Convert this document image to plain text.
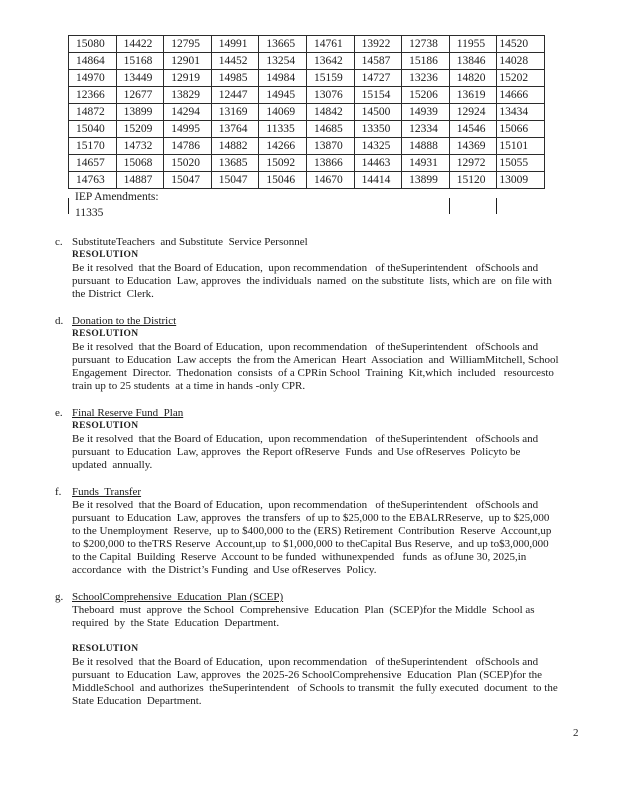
15080	14422	12795	14991	13665	14761	13922	12738	11955	14520
14864	15168	12901	14452	13254	13642	14587	15186	13846	14028
14970	13449	12919	14985	14984	15159	14727	13236	14820	15202
12366	12677	13829	12447	14945	13076	15154	15206	13619	14666
14872	13899	14294	13169	14069	14842	14500	14939	12924	13434
15040	15209	14995	13764	11335	14685	13350	12334	14546	15066
15170	14732	14786	14882	14266	13870	14325	14888	14369	15101
14657	15068	15020	13685	15092	13866	14463	14931	12972	15055
14763	14887	15047	15047	15046	14670	14414	13899	15120	13009
IEP Amendments:
11335
c. SubstituteTeachers  and Substitute  Service Personnel
RESOLUTION
Be it resolved  that the Board of Education,  upon recommendation   of theSuperintendent   ofSchools and
pursuant  to Education  Law, approves  the individuals  named  on the substitute  lists, which are  on file with
the District  Clerk.
d. Donation to the District
RESOLUTION
Be it resolved  that the Board of Education,  upon recommendation   of theSuperintendent   ofSchools and
pursuant  to Education  Law accepts  the from the American  Heart  Association  and  WilliamMitchell, School
Engagement  Director.  Thedonation  consists  of a CPRin School  Training  Kit,which  included   resourcesto
train up to 25 students  at a time in hands -only CPR.
e. Final Reserve Fund  Plan
RESOLUTION
Be it resolved  that the Board of Education,  upon recommendation   of theSuperintendent   ofSchools and
pursuant  to Education  Law, approves  the Report ofReserve  Funds  and Use ofReserves  Policyto be
updated  annually.
f. Funds  Transfer
Be it resolved  that the Board of Education,  upon recommendation   of theSuperintendent   ofSchools and
pursuant  to Education  Law, approves  the transfers  of up to $25,000 to the EBALRReserve,  up to $25,000
to the Unemployment  Reserve,  up to $400,000 to the (ERS) Retirement  Contribution  Reserve  Account,up
to $200,000 to theTRS Reserve  Account,up  to $1,000,000 to theCapital Bus Reserve,  and up to$3,000,000
to the Capital  Building  Reserve  Account to be funded  withunexpended   funds  as ofJune 30, 2025,in
accordance  with  the District’s Funding  and Use ofReserves  Policy.
g. SchoolComprehensive  Education  Plan (SCEP)
Theboard  must  approve  the School  Comprehensive  Education  Plan  (SCEP)for the Middle  School as
required  by  the State  Education  Department.
RESOLUTION
Be it resolved  that the Board of Education,  upon recommendation   of theSuperintendent   ofSchools and
pursuant  to Education  Law, approves  the 2025-26 SchoolComprehensive  Education  Plan (SCEP)for the
MiddleSchool  and authorizes  theSuperintendent   of Schools to transmit  the fully executed  document  to the
State Education  Department.
2
